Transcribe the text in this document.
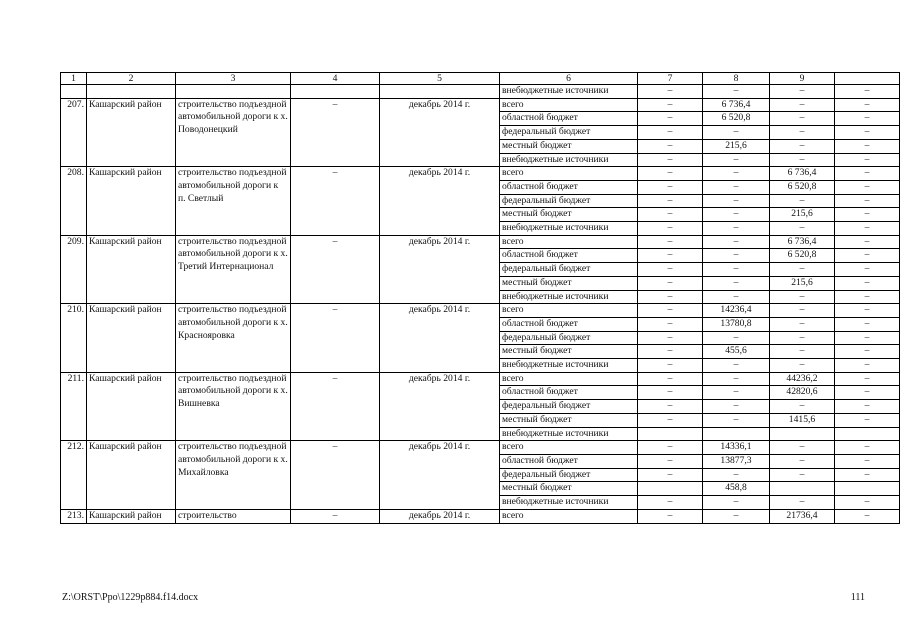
1	2	3	4	5	6	7	8	9	
					внебюджетные источники	–	–	–	–
207.	Кашарский район	строительство подъездной автомобильной дороги к х. Поводонецкий	–	декабрь 2014 г.	всего	–	6 736,4	–	–
					областной бюджет	–	6 520,8	–	–
					федеральный бюджет	–	–	–	–
					местный бюджет	–	215,6	–	–
					внебюджетные источники	–	–	–	–
208.	Кашарский район	строительство подъездной автомобильной дороги к п. Светлый	–	декабрь 2014 г.	всего	–	–	6 736,4	–
					областной бюджет	–	–	6 520,8	–
					федеральный бюджет	–	–	–	–
					местный бюджет	–	–	215,6	–
					внебюджетные источники	–	–	–	–
209.	Кашарский район	строительство подъездной автомобильной дороги к х. Третий Интернационал	–	декабрь 2014 г.	всего	–	–	6 736,4	–
					областной бюджет	–	–	6 520,8	–
					федеральный бюджет	–	–	–	–
					местный бюджет	–	–	215,6	–
					внебюджетные источники	–	–	–	–
210.	Кашарский район	строительство подъездной автомобильной дороги к х. Краснояровка	–	декабрь 2014 г.	всего	–	14236,4	–	–
					областной бюджет	–	13780,8	–	–
					федеральный бюджет	–	–	–	–
					местный бюджет	–	455,6	–	–
					внебюджетные источники	–	–	–	–
211.	Кашарский район	строительство подъездной автомобильной дороги к х. Вишневка	–	декабрь 2014 г.	всего	–	–	44236,2	–
					областной бюджет	–	–	42820,6	–
					федеральный бюджет	–	–	–	–
					местный бюджет	–	–	1415,6	–
					внебюджетные источники				
212.	Кашарский район	строительство подъездной автомобильной дороги к х. Михайловка	–	декабрь 2014 г.	всего	–	14336,1	–	–
					областной бюджет	–	13877,3	–	–
					федеральный бюджет	–	–	–	–
					местный бюджет		458,8		
					внебюджетные источники	–	–	–	–
213.	Кашарский район	строительство	–	декабрь 2014 г.	всего	–	–	21736,4	–
Z:\ORST\Ppo\1229p884.f14.docx	111
